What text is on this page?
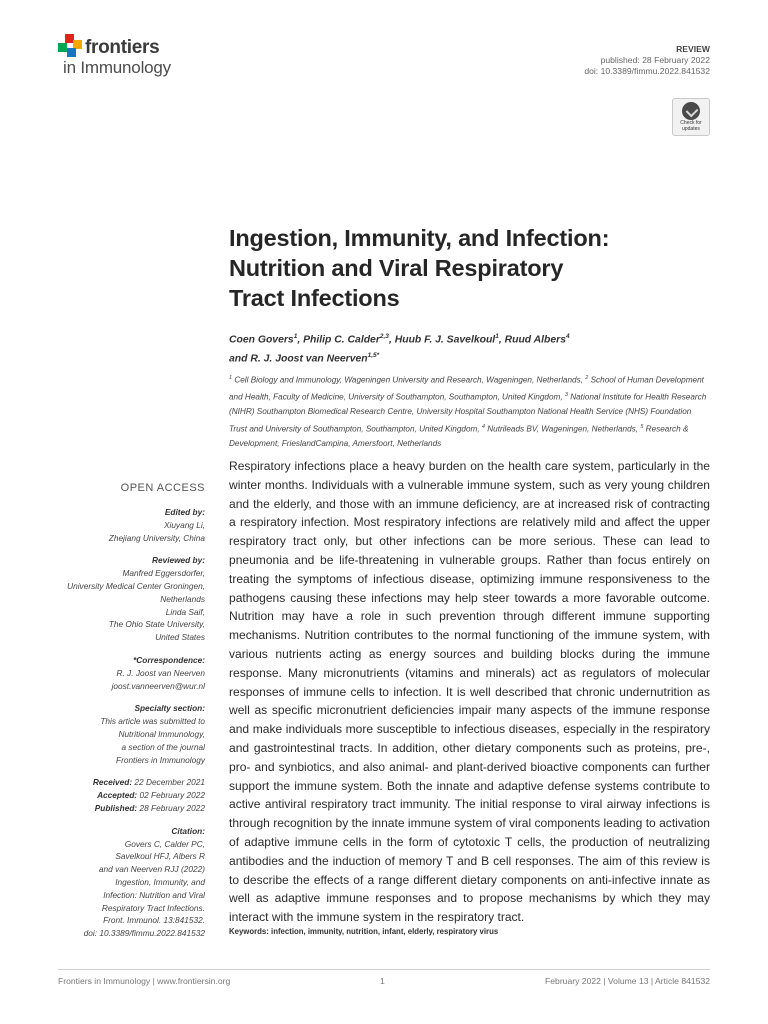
frontiers
in Immunology
REVIEW
published: 28 February 2022
doi: 10.3389/fimmu.2022.841532
Check for updates
Ingestion, Immunity, and Infection:
Nutrition and Viral Respiratory
Tract Infections
Coen Govers$^1$, Philip C. Calder$^{2,3}$, Huub F. J. Savelkoul$^1$, Ruud Albers$^4$
and R. J. Joost van Neerven$^{1,5*}$
$^1$ Cell Biology and Immunology, Wageningen University and Research, Wageningen, Netherlands, $^2$ School of Human Development and Health, Faculty of Medicine, University of Southampton, Southampton, United Kingdom, $^3$ National Institute for Health Research (NIHR) Southampton Biomedical Research Centre, University Hospital Southampton National Health Service (NHS) Foundation Trust and University of Southampton, Southampton, United Kingdom, $^4$ Nutrileads BV, Wageningen, Netherlands, $^5$ Research & Development, FrieslandCampina, Amersfoort, Netherlands
OPEN ACCESS
Edited by:
Xiuyang Li,
Zhejiang University, China
Reviewed by:
Manfred Eggersdorfer,
University Medical Center Groningen,
Netherlands
Linda Saif,
The Ohio State University,
United States
*Correspondence:
R. J. Joost van Neerven
joost.vanneerven@wur.nl
Specialty section:
This article was submitted to
Nutritional Immunology,
a section of the journal
Frontiers in Immunology
Received: 22 December 2021
Accepted: 02 February 2022
Published: 28 February 2022
Citation:
Govers C, Calder PC,
Savelkoul HFJ, Albers R
and van Neerven RJJ (2022)
Ingestion, Immunity, and
Infection: Nutrition and Viral
Respiratory Tract Infections.
Front. Immunol. 13:841532.
doi: 10.3389/fimmu.2022.841532
Respiratory infections place a heavy burden on the health care system, particularly in the winter months. Individuals with a vulnerable immune system, such as very young children and the elderly, and those with an immune deficiency, are at increased risk of contracting a respiratory infection. Most respiratory infections are relatively mild and affect the upper respiratory tract only, but other infections can be more serious. These can lead to pneumonia and be life-threatening in vulnerable groups. Rather than focus entirely on treating the symptoms of infectious disease, optimizing immune responsiveness to the pathogens causing these infections may help steer towards a more favorable outcome. Nutrition may have a role in such prevention through different immune supporting mechanisms. Nutrition contributes to the normal functioning of the immune system, with various nutrients acting as energy sources and building blocks during the immune response. Many micronutrients (vitamins and minerals) act as regulators of molecular responses of immune cells to infection. It is well described that chronic undernutrition as well as specific micronutrient deficiencies impair many aspects of the immune response and make individuals more susceptible to infectious diseases, especially in the respiratory and gastrointestinal tracts. In addition, other dietary components such as proteins, pre-, pro- and synbiotics, and also animal- and plant-derived bioactive components can further support the immune system. Both the innate and adaptive defense systems contribute to active antiviral respiratory tract immunity. The initial response to viral airway infections is through recognition by the innate immune system of viral components leading to activation of adaptive immune cells in the form of cytotoxic T cells, the production of neutralizing antibodies and the induction of memory T and B cell responses. The aim of this review is to describe the effects of a range different dietary components on anti-infective innate as well as adaptive immune responses and to propose mechanisms by which they may interact with the immune system in the respiratory tract.
Keywords: infection, immunity, nutrition, infant, elderly, respiratory virus
Frontiers in Immunology | www.frontiersin.org	1	February 2022 | Volume 13 | Article 841532
